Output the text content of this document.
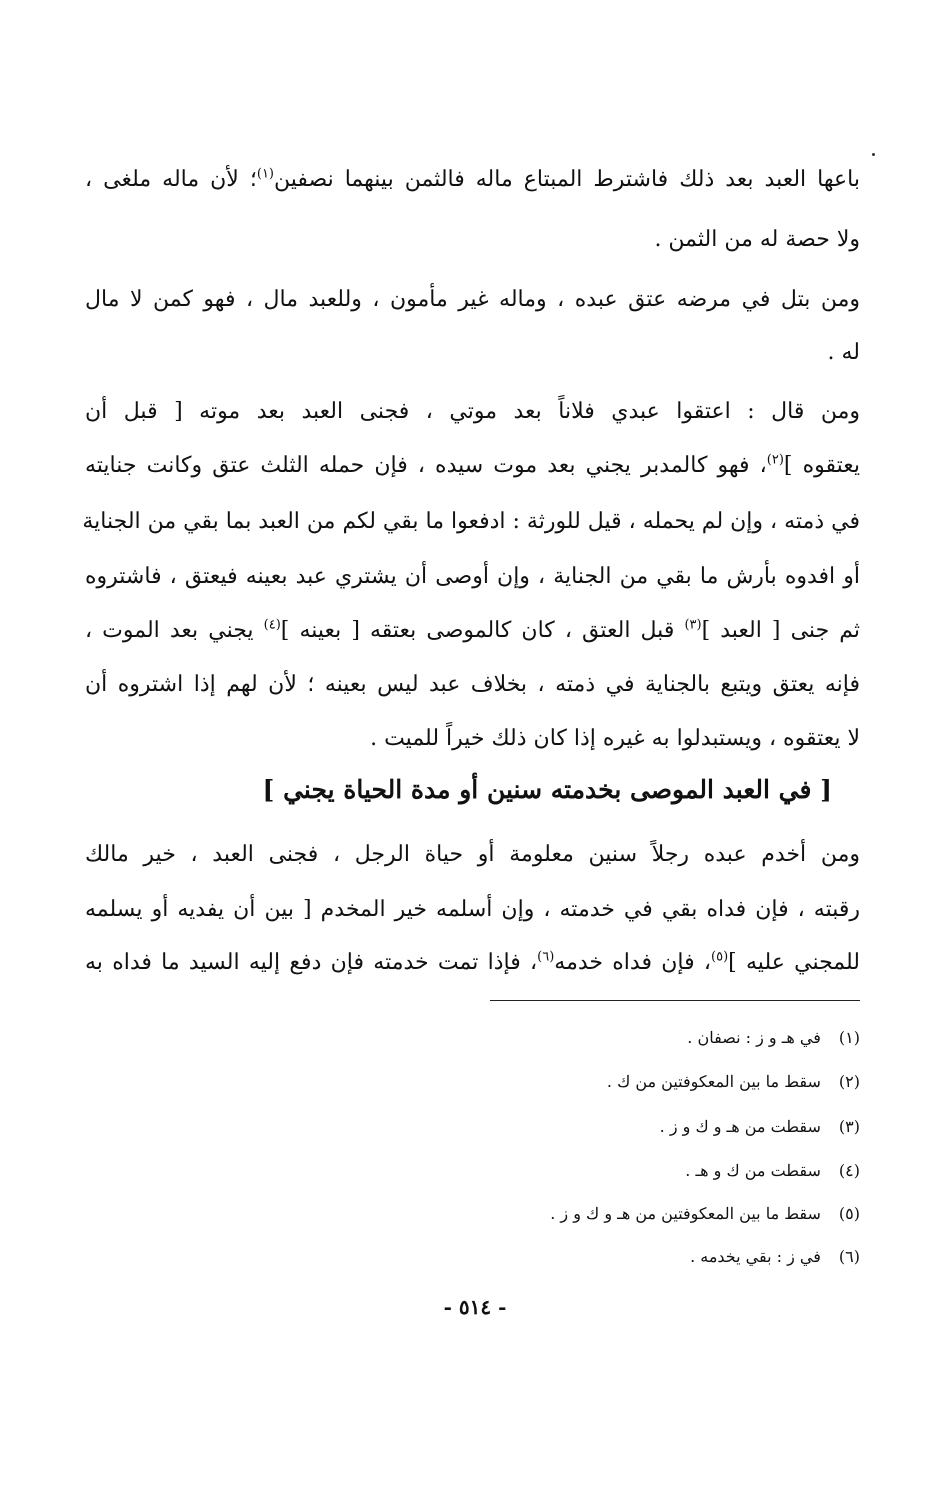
باعها العبد بعد ذلك فاشترط المبتاع ماله فالثمن بينهما نصفين$^{(١)}$؛ لأن ماله ملغى ،
ولا حصة له من الثمن .
ومن بتل في مرضه عتق عبده ، وماله غير مأمون ، وللعبد مال ، فهو كمن لا مال
له .
ومن قال : اعتقوا عبدي فلاناً بعد موتي ، فجنى العبد بعد موته [ قبل أن
يعتقوه ]$^{(٢)}$، فهو كالمدبر يجني بعد موت سيده ، فإن حمله الثلث عتق وكانت جنايته
في ذمته ، وإن لم يحمله ، قيل للورثة : ادفعوا ما بقي لكم من العبد بما بقي من الجناية
أو افدوه بأرش ما بقي من الجناية ، وإن أوصى أن يشتري عبد بعينه فيعتق ، فاشتروه
ثم جنى [ العبد ]$^{(٣)}$ قبل العتق ، كان كالموصى بعتقه [ بعينه ]$^{(٤)}$ يجني بعد الموت ،
فإنه يعتق ويتبع بالجناية في ذمته ، بخلاف عبد ليس بعينه ؛ لأن لهم إذا اشتروه أن
لا يعتقوه ، ويستبدلوا به غيره إذا كان ذلك خيراً للميت .
[ في العبد الموصى بخدمته سنين أو مدة الحياة يجني ]
ومن أخدم عبده رجلاً سنين معلومة أو حياة الرجل ، فجنى العبد ، خير مالك
رقبته ، فإن فداه بقي في خدمته ، وإن أسلمه خير المخدم [ بين أن يفديه أو يسلمه
للمجني عليه ]$^{(٥)}$، فإن فداه خدمه$^{(٦)}$، فإذا تمت خدمته فإن دفع إليه السيد ما فداه به
(١) في هـ و ز : نصفان .
(٢) سقط ما بين المعكوفتين من ك .
(٣) سقطت من هـ و ك و ز .
(٤) سقطت من ك و هـ .
(٥) سقط ما بين المعكوفتين من هـ و ك و ز .
(٦) في ز : بقي يخدمه .
- ٥١٤ -
